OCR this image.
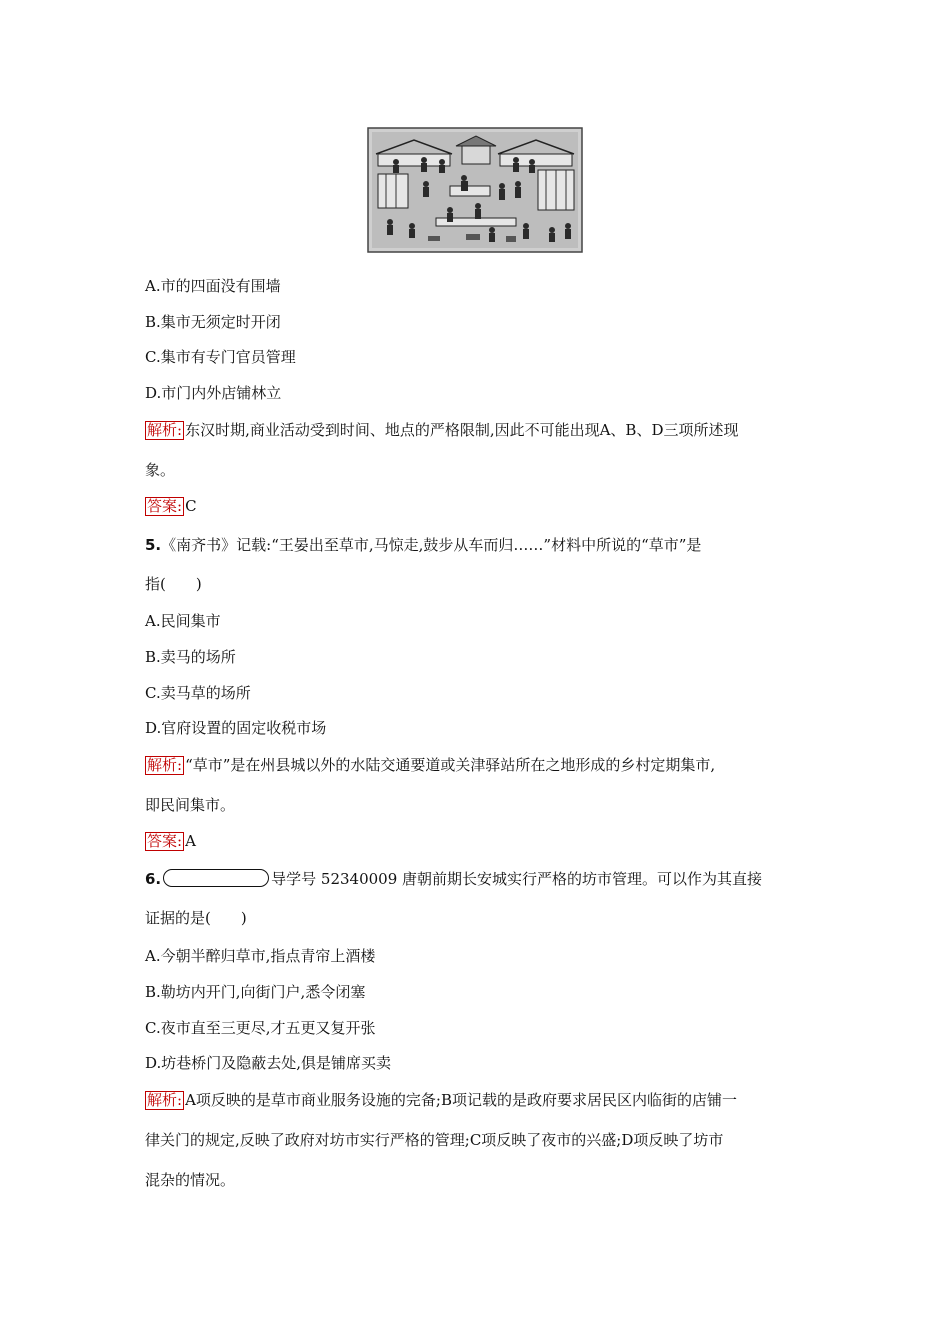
A.市的四面没有围墙
B.集市无须定时开闭
C.集市有专门官员管理
D.市门内外店铺林立
解析: 东汉时期,商业活动受到时间、地点的严格限制,因此不可能出现A、B、D三项所述现
象。
答案: C
5.《南齐书》记载:“王晏出至草市,马惊走,鼓步从车而归……”材料中所说的“草市”是
指(　　)
A.民间集市
B.卖马的场所
C.卖马草的场所
D.官府设置的固定收税市场
解析: “草市”是在州县城以外的水陆交通要道或关津驿站所在之地形成的乡村定期集市,
即民间集市。
答案: A
6.	导学号 52340009 唐朝前期长安城实行严格的坊市管理。可以作为其直接
证据的是(　　)
A.今朝半醉归草市,指点青帘上酒楼
B.勒坊内开门,向街门户,悉令闭塞
C.夜市直至三更尽,才五更又复开张
D.坊巷桥门及隐蔽去处,俱是铺席买卖
解析: A项反映的是草市商业服务设施的完备;B项记载的是政府要求居民区内临街的店铺一
律关门的规定,反映了政府对坊市实行严格的管理;C项反映了夜市的兴盛;D项反映了坊市
混杂的情况。
